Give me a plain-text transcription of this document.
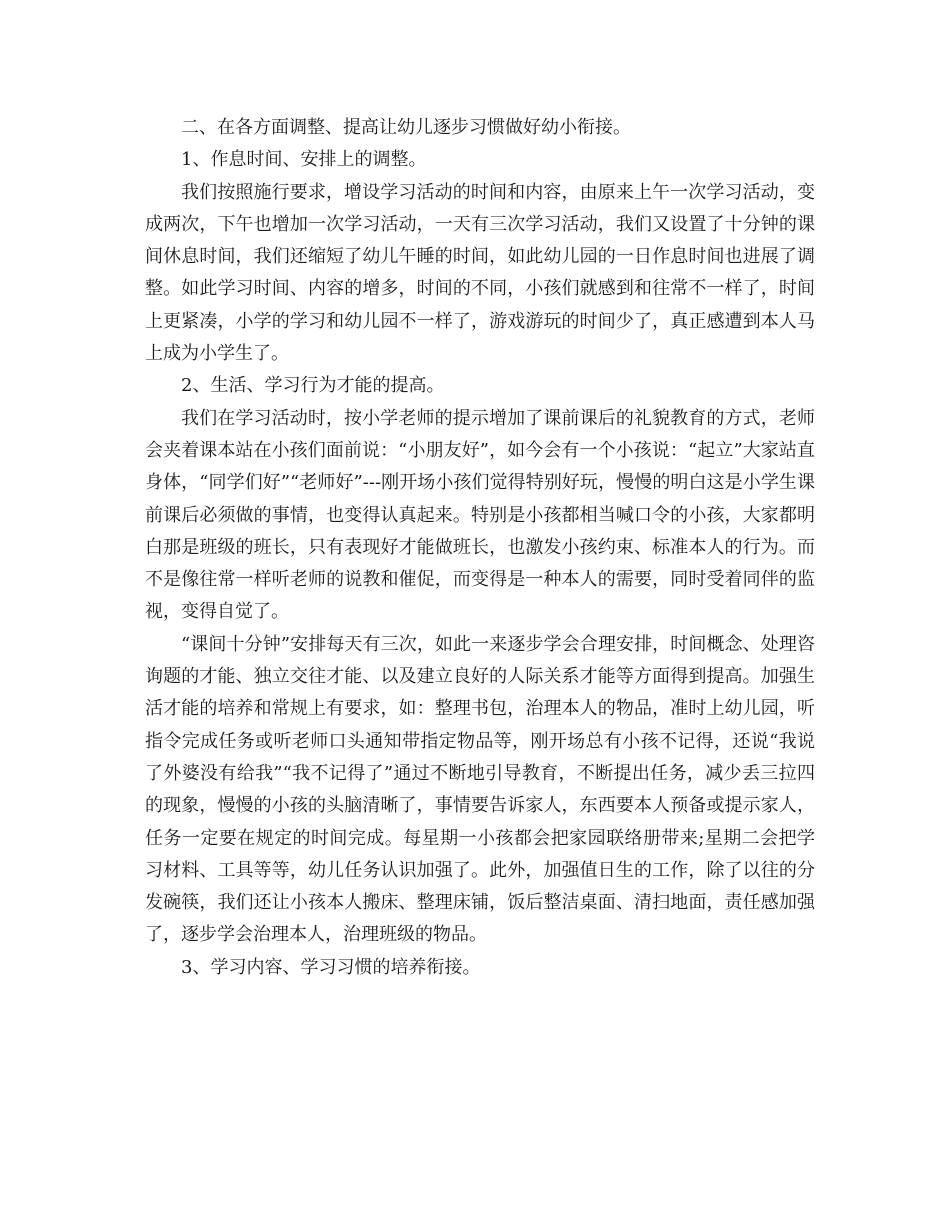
二、在各方面调整、提高让幼儿逐步习惯做好幼小衔接。

1、作息时间、安排上的调整。

我们按照施行要求，增设学习活动的时间和内容，由原来上午一次学习活动，变成两次，下午也增加一次学习活动，一天有三次学习活动，我们又设置了十分钟的课间休息时间，我们还缩短了幼儿午睡的时间，如此幼儿园的一日作息时间也进展了调整。如此学习时间、内容的增多，时间的不同，小孩们就感到和往常不一样了，时间上更紧凑，小学的学习和幼儿园不一样了，游戏游玩的时间少了，真正感遭到本人马上成为小学生了。

2、生活、学习行为才能的提高。

我们在学习活动时，按小学老师的提示增加了课前课后的礼貌教育的方式，老师会夹着课本站在小孩们面前说：“小朋友好”，如今会有一个小孩说：“起立”大家站直身体，“同学们好”“老师好”---刚开场小孩们觉得特别好玩，慢慢的明白这是小学生课前课后必须做的事情，也变得认真起来。特别是小孩都相当喊口令的小孩，大家都明白那是班级的班长，只有表现好才能做班长，也激发小孩约束、标准本人的行为。而不是像往常一样听老师的说教和催促，而变得是一种本人的需要，同时受着同伴的监视，变得自觉了。

“课间十分钟”安排每天有三次，如此一来逐步学会合理安排，时间概念、处理咨询题的才能、独立交往才能、以及建立良好的人际关系才能等方面得到提高。加强生活才能的培养和常规上有要求，如：整理书包，治理本人的物品，准时上幼儿园，听指令完成任务或听老师口头通知带指定物品等，刚开场总有小孩不记得，还说“我说了外婆没有给我”“我不记得了”通过不断地引导教育，不断提出任务，减少丢三拉四的现象，慢慢的小孩的头脑清晰了，事情要告诉家人，东西要本人预备或提示家人，任务一定要在规定的时间完成。每星期一小孩都会把家园联络册带来;星期二会把学习材料、工具等等，幼儿任务认识加强了。此外，加强值日生的工作，除了以往的分发碗筷，我们还让小孩本人搬床、整理床铺，饭后整洁桌面、清扫地面，责任感加强了，逐步学会治理本人，治理班级的物品。

3、学习内容、学习习惯的培养衔接。
